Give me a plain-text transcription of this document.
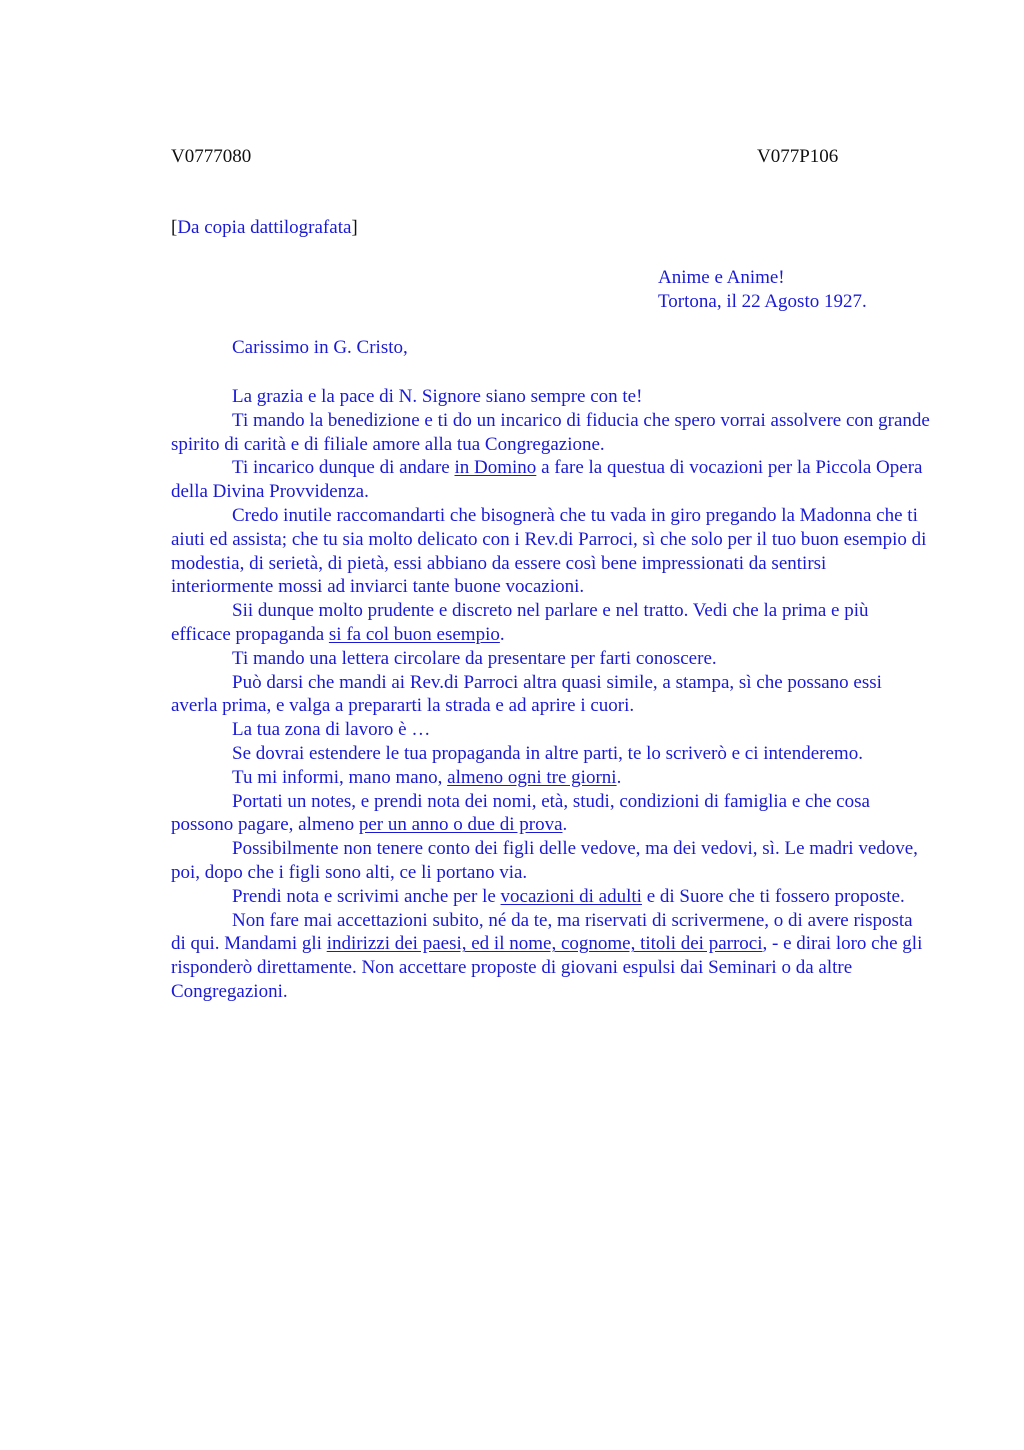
V0777080	V077P106
[Da copia dattilografata]
Anime e Anime!
Tortona, il 22 Agosto 1927.
Carissimo in G. Cristo,

La grazia e la pace di N. Signore siano sempre con te!

Ti mando la benedizione e ti do un incarico di fiducia che spero vorrai assolvere con grande spirito di carità e di filiale amore alla tua Congregazione.

Ti incarico dunque di andare in Domino a fare la questua di vocazioni per la Piccola Opera della Divina Provvidenza.

Credo inutile raccomandarti che bisognerà che tu vada in giro pregando la Madonna che ti aiuti ed assista; che tu sia molto delicato con i Rev.di Parroci, sì che solo per il tuo buon esempio di modestia, di serietà, di pietà, essi abbiano da essere così bene impressionati da sentirsi interiormente mossi ad inviarci tante buone vocazioni.

Sii dunque molto prudente e discreto nel parlare e nel tratto. Vedi che la prima e più efficace propaganda si fa col buon esempio.

Ti mando una lettera circolare da presentare per farti conoscere.

Può darsi che mandi ai Rev.di Parroci altra quasi simile, a stampa, sì che possano essi averla prima, e valga a prepararti la strada e ad aprire i cuori.

La tua zona di lavoro è …

Se dovrai estendere le tua propaganda in altre parti, te lo scriverò e ci intenderemo.

Tu mi informi, mano mano, almeno ogni tre giorni.

Portati un notes, e prendi nota dei nomi, età, studi, condizioni di famiglia e che cosa possono pagare, almeno per un anno o due di prova.

Possibilmente non tenere conto dei figli delle vedove, ma dei vedovi, sì. Le madri vedove, poi, dopo che i figli sono alti, ce li portano via.

Prendi nota e scrivimi anche per le vocazioni di adulti e di Suore che ti fossero proposte.

Non fare mai accettazioni subito, né da te, ma riservati di scrivermene, o di avere risposta di qui. Mandami gli indirizzi dei paesi, ed il nome, cognome, titoli dei parroci, - e dirai loro che gli risponderò direttamente. Non accettare proposte di giovani espulsi dai Seminari o da altre Congregazioni.
